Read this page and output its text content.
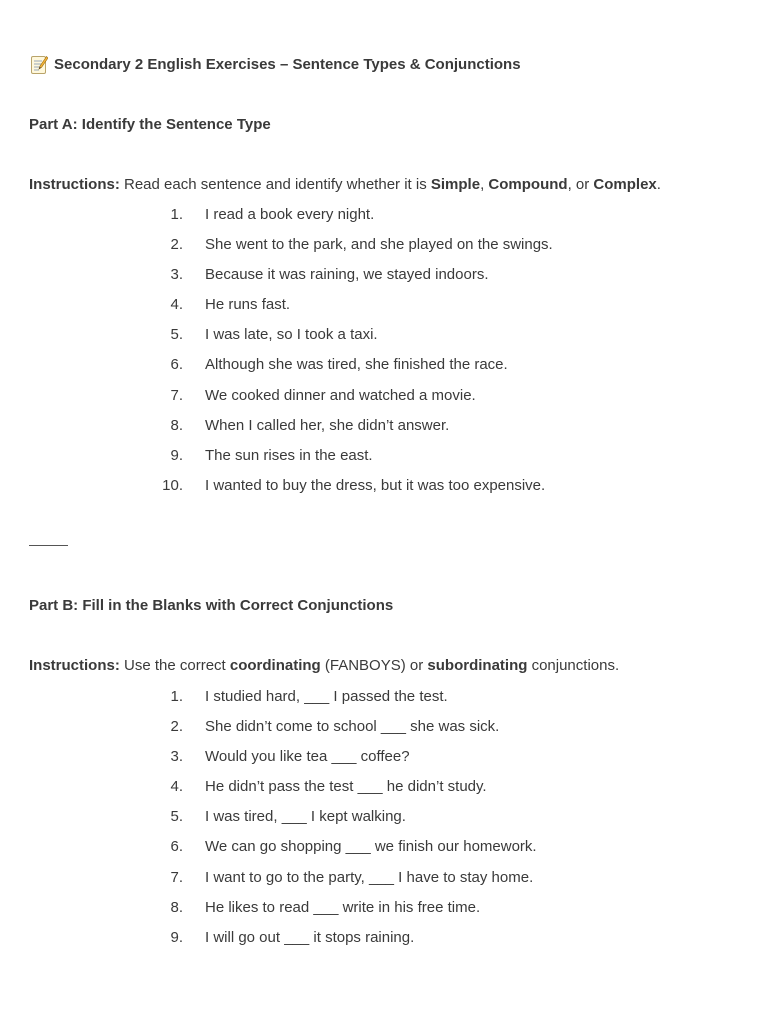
Secondary 2 English Exercises – Sentence Types & Conjunctions
Part A: Identify the Sentence Type
Instructions: Read each sentence and identify whether it is Simple, Compound, or Complex.
1. I read a book every night.
2. She went to the park, and she played on the swings.
3. Because it was raining, we stayed indoors.
4. He runs fast.
5. I was late, so I took a taxi.
6. Although she was tired, she finished the race.
7. We cooked dinner and watched a movie.
8. When I called her, she didn’t answer.
9. The sun rises in the east.
10. I wanted to buy the dress, but it was too expensive.
Part B: Fill in the Blanks with Correct Conjunctions
Instructions: Use the correct coordinating (FANBOYS) or subordinating conjunctions.
1. I studied hard, ___ I passed the test.
2. She didn’t come to school ___ she was sick.
3. Would you like tea ___ coffee?
4. He didn’t pass the test ___ he didn’t study.
5. I was tired, ___ I kept walking.
6. We can go shopping ___ we finish our homework.
7. I want to go to the party, ___ I have to stay home.
8. He likes to read ___ write in his free time.
9. I will go out ___ it stops raining.
